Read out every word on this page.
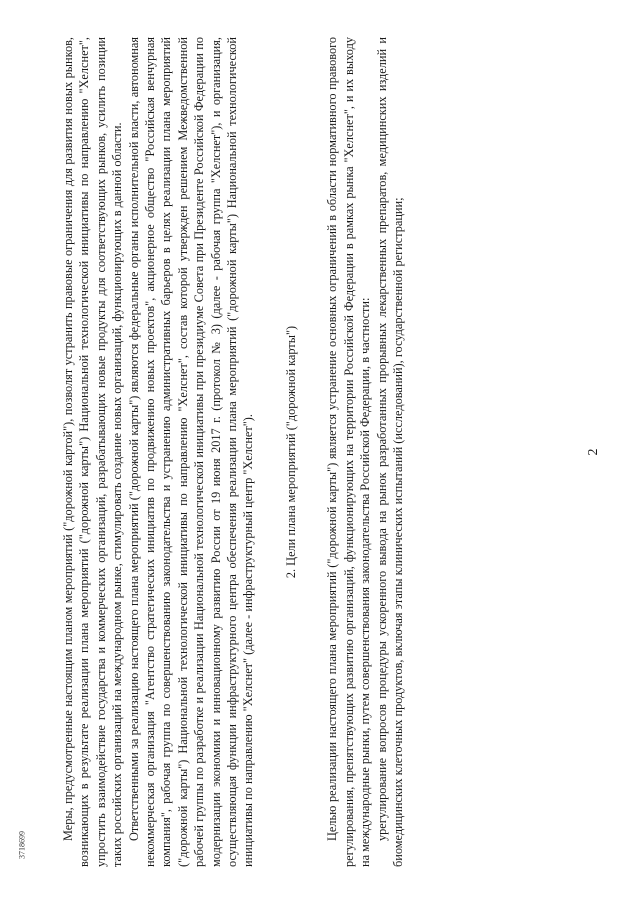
2
3718699

Меры, предусмотренные настоящим планом мероприятий ("дорожной картой"), позволят устранить правовые ограничения для развития новых рынков, возникающих в результате реализации плана мероприятий ("дорожной карты") Национальной технологической инициативы по направлению "Хелснет", упростить взаимодействие государства и коммерческих организаций, разрабатывающих новые продукты для соответствующих рынков, усилить позиции таких российских организаций на международном рынке, стимулировать создание новых организаций, функционирующих в данной области. Ответственными за реализацию настоящего плана мероприятий ("дорожной карты") являются федеральные органы исполнительной власти, автономная некоммерческая организация "Агентство стратегических инициатив по продвижению новых проектов", акционерное общество "Российская венчурная компания", рабочая группа по совершенствованию законодательства и устранению административных барьеров в целях реализации плана мероприятий ("дорожной карты") Национальной технологической инициативы по направлению "Хелснет", состав которой утвержден решением Межведомственной рабочей группы по разработке и реализации Национальной технологической инициативы при президиуме Совета при Президенте Российской Федерации по модернизации экономики и инновационному развитию России от 19 июня 2017 г. (протокол № 3) (далее - рабочая группа "Хелснет"), и организация, осуществляющая функции инфраструктурного центра обеспечения реализации плана мероприятий ("дорожной карты") Национальной технологической инициативы по направлению "Хелснет" (далее - инфраструктурный центр "Хелснет"). 2. Цели плана мероприятий ("дорожной карты") Целью реализации настоящего плана мероприятий ("дорожной карты") является устранение основных ограничений в области нормативного правового регулирования, препятствующих развитию организаций, функционирующих на территории Российской Федерации в рамках рынка "Хелснет", и их выходу на международные рынки, путем совершенствования законодательства Российской Федерации, в частности: урегулирование вопросов процедуры ускоренного вывода на рынок разработанных прорывных лекарственных препаратов, медицинских изделий и биомедицинских клеточных продуктов, включая этапы клинических испытаний (исследований), государственной регистрации;
